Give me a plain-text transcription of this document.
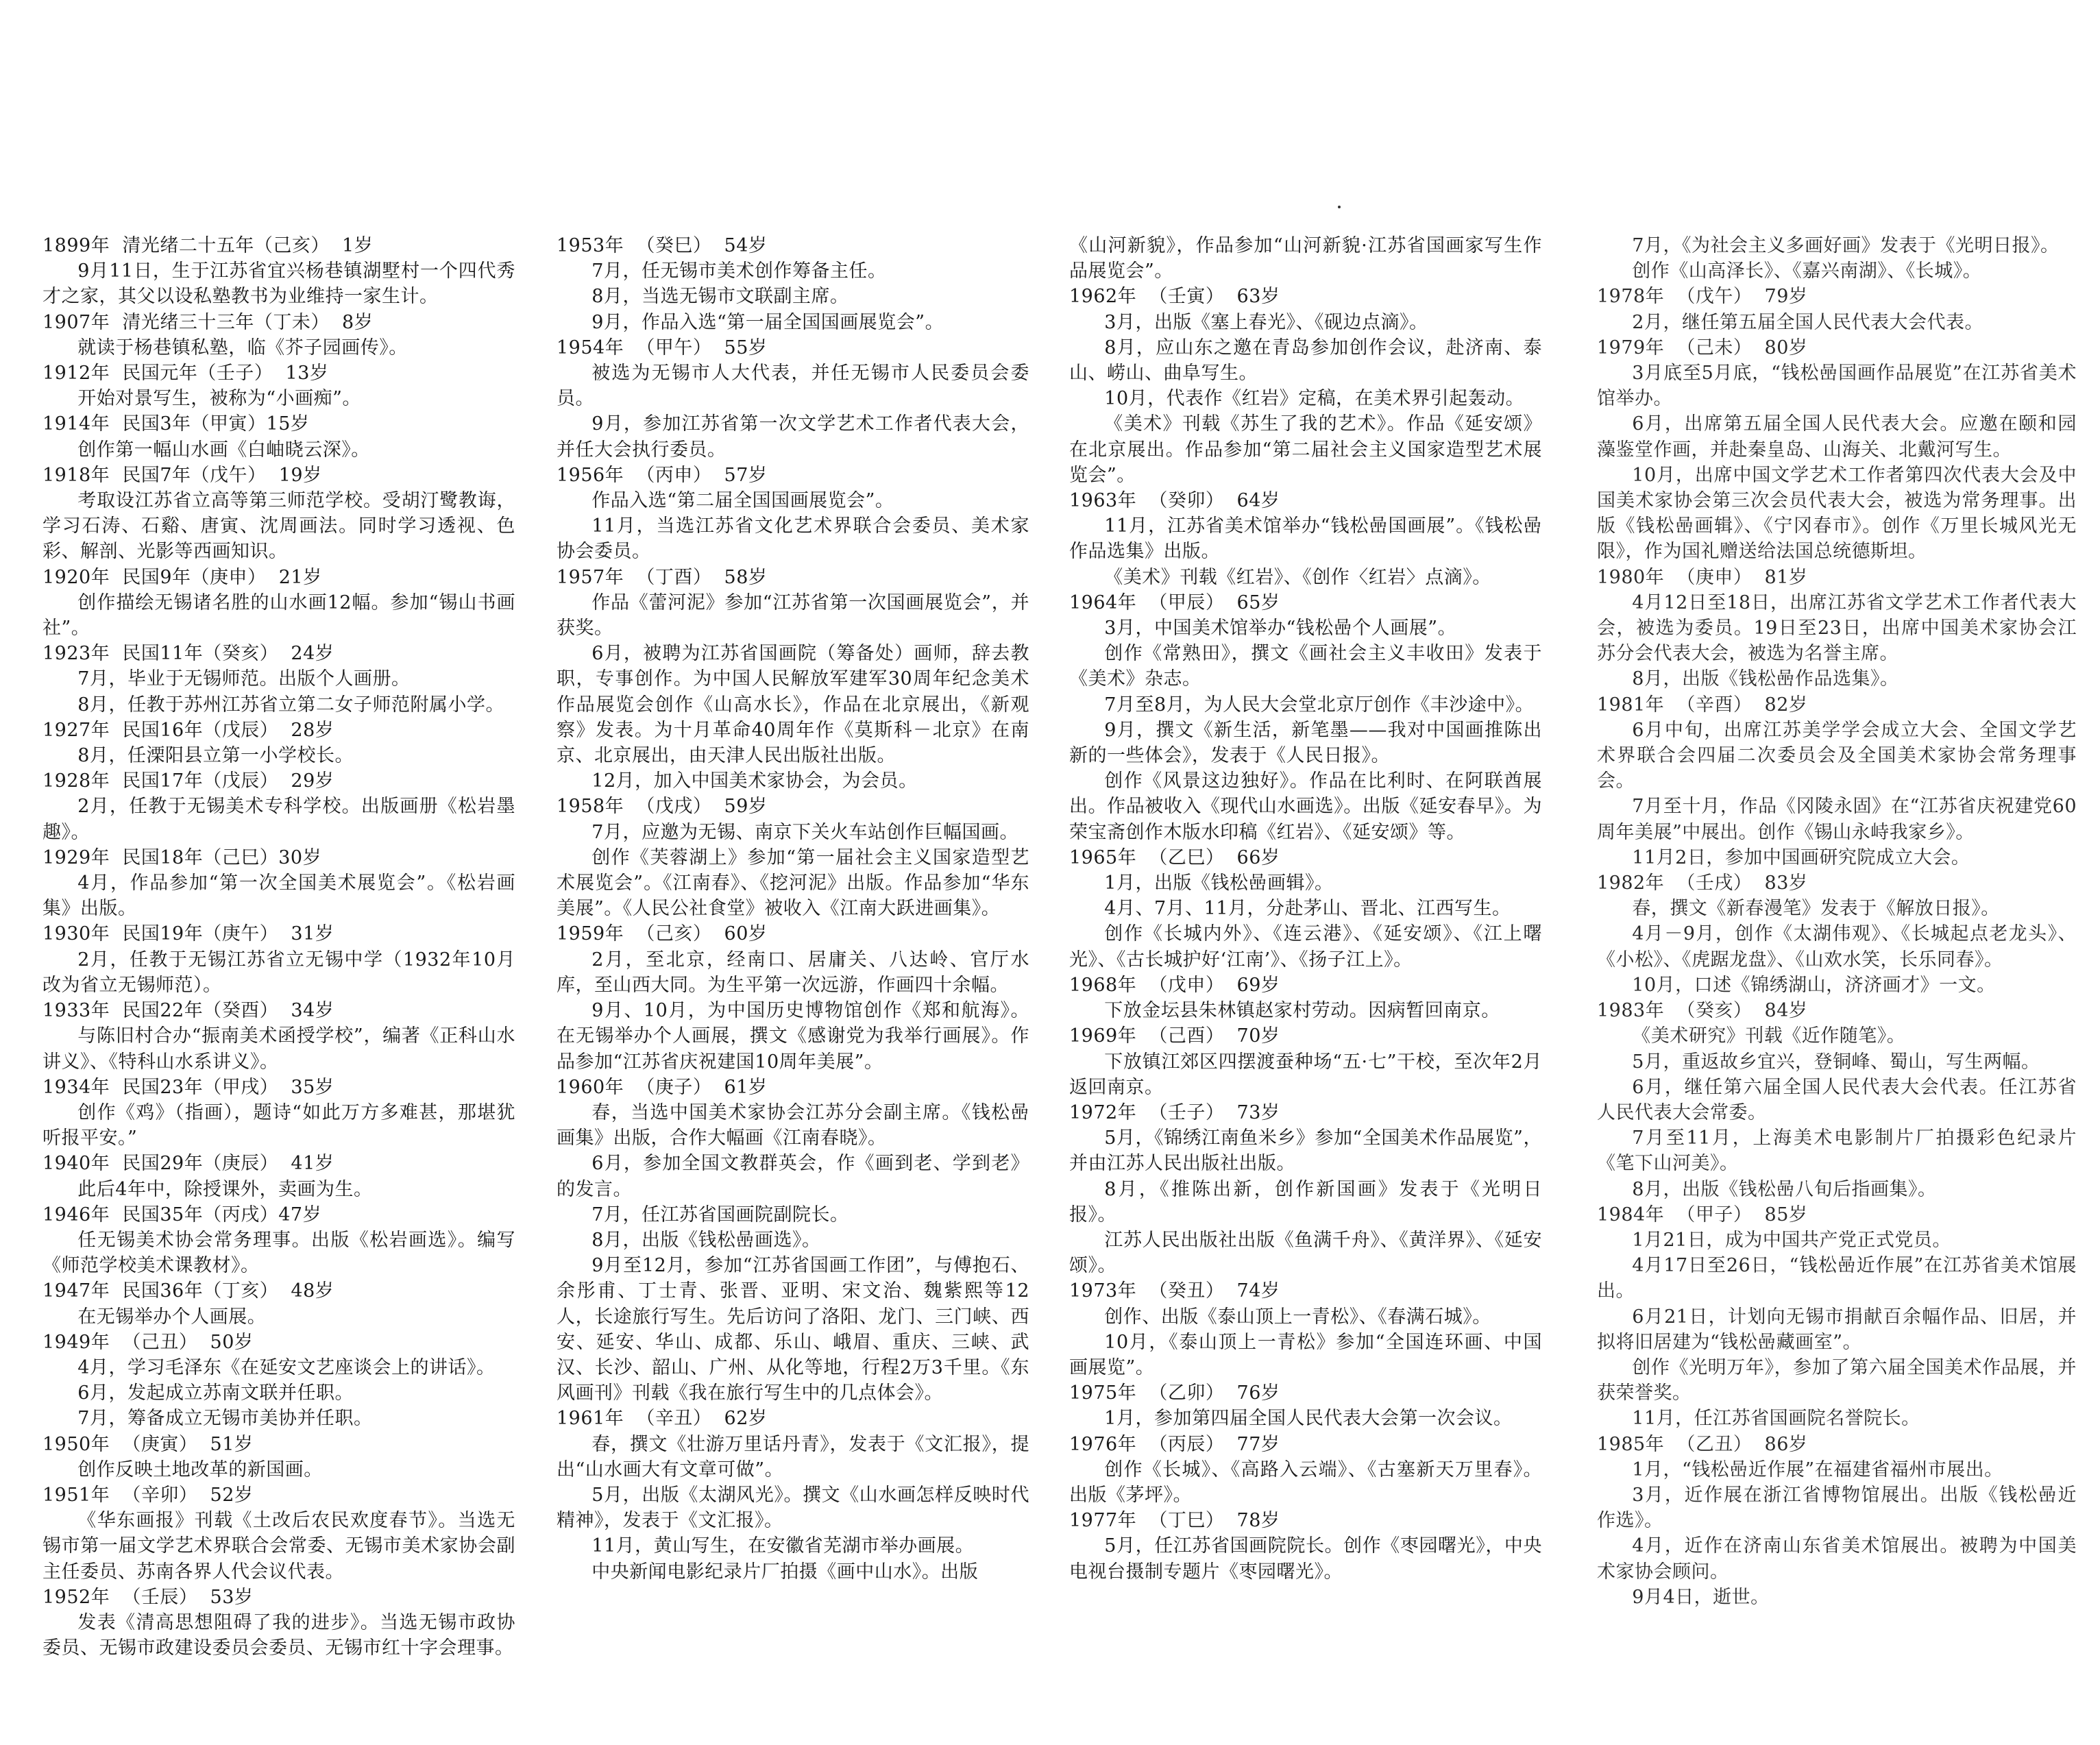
1899年  清光绪二十五年（己亥）  1岁

9月11日，生于江苏省宜兴杨巷镇湖墅村一个四代秀才之家，其父以设私塾教书为业维持一家生计。

1907年  清光绪三十三年（丁未）  8岁

就读于杨巷镇私塾，临《芥子园画传》。

1912年  民国元年（壬子）  13岁

开始对景写生，被称为“小画痴”。

1914年  民国3年（甲寅）15岁

创作第一幅山水画《白岫晓云深》。

1918年  民国7年（戊午）  19岁

考取设江苏省立高等第三师范学校。受胡汀鹭教诲，学习石涛、石谿、唐寅、沈周画法。同时学习透视、色彩、解剖、光影等西画知识。

1920年  民国9年（庚申）  21岁

创作描绘无锡诸名胜的山水画12幅。参加“锡山书画社”。

1923年  民国11年（癸亥）  24岁

7月，毕业于无锡师范。出版个人画册。

8月，任教于苏州江苏省立第二女子师范附属小学。

1927年  民国16年（戊辰）  28岁

8月，任溧阳县立第一小学校长。

1928年  民国17年（戊辰）  29岁

2月，任教于无锡美术专科学校。出版画册《松岩墨趣》。

1929年  民国18年（己巳）30岁

4月，作品参加“第一次全国美术展览会”。《松岩画集》出版。

1930年  民国19年（庚午）  31岁

2月，任教于无锡江苏省立无锡中学（1932年10月改为省立无锡师范）。

1933年  民国22年（癸酉）  34岁

与陈旧村合办“振南美术函授学校”，编著《正科山水讲义》、《特科山水系讲义》。

1934年  民国23年（甲戌）  35岁

创作《鸡》（指画），题诗“如此万方多难甚，那堪犹听报平安。”

1940年  民国29年（庚辰）  41岁

此后4年中，除授课外，卖画为生。

1946年  民国35年（丙戌）47岁

任无锡美术协会常务理事。出版《松岩画选》。编写《师范学校美术课教材》。

1947年  民国36年（丁亥）  48岁

在无锡举办个人画展。

1949年  （己丑）  50岁

4月，学习毛泽东《在延安文艺座谈会上的讲话》。

6月，发起成立苏南文联并任职。

7月，筹备成立无锡市美协并任职。

1950年  （庚寅）  51岁

创作反映土地改革的新国画。

1951年  （辛卯）  52岁

《华东画报》刊载《土改后农民欢度春节》。当选无锡市第一届文学艺术界联合会常委、无锡市美术家协会副主任委员、苏南各界人代会议代表。

1952年  （壬辰）  53岁

发表《清高思想阻碍了我的进步》。当选无锡市政协委员、无锡市政建设委员会委员、无锡市红十字会理事。

1953年  （癸巳）  54岁

7月，任无锡市美术创作筹备主任。

8月，当选无锡市文联副主席。

9月，作品入选“第一届全国国画展览会”。

1954年  （甲午）  55岁

被选为无锡市人大代表，并任无锡市人民委员会委员。

9月，参加江苏省第一次文学艺术工作者代表大会，并任大会执行委员。

1956年  （丙申）  57岁

作品入选“第二届全国国画展览会”。

11月，当选江苏省文化艺术界联合会委员、美术家协会委员。

1957年  （丁酉）  58岁

作品《蕾河泥》参加“江苏省第一次国画展览会”，并获奖。

6月，被聘为江苏省国画院（筹备处）画师，辞去教职，专事创作。为中国人民解放军建军30周年纪念美术作品展览会创作《山高水长》，作品在北京展出，《新观察》发表。为十月革命40周年作《莫斯科－北京》在南京、北京展出，由天津人民出版社出版。

12月，加入中国美术家协会，为会员。

1958年  （戊戌）  59岁

7月，应邀为无锡、南京下关火车站创作巨幅国画。

创作《芙蓉湖上》参加“第一届社会主义国家造型艺术展览会”。《江南春》、《挖河泥》出版。作品参加“华东美展”。《人民公社食堂》被收入《江南大跃进画集》。

1959年  （己亥）  60岁

2月，至北京，经南口、居庸关、八达岭、官厅水库，至山西大同。为生平第一次远游，作画四十余幅。

9月、10月，为中国历史博物馆创作《郑和航海》。在无锡举办个人画展，撰文《感谢党为我举行画展》。作品参加“江苏省庆祝建国10周年美展”。

1960年  （庚子）  61岁

春，当选中国美术家协会江苏分会副主席。《钱松喦画集》出版，合作大幅画《江南春晓》。

6月，参加全国文教群英会，作《画到老、学到老》的发言。

7月，任江苏省国画院副院长。

8月，出版《钱松喦画选》。

9月至12月，参加“江苏省国画工作团”，与傅抱石、余彤甫、丁士青、张晋、亚明、宋文治、魏紫熙等12人，长途旅行写生。先后访问了洛阳、龙门、三门峡、西安、延安、华山、成都、乐山、峨眉、重庆、三峡、武汉、长沙、韶山、广州、从化等地，行程2万3千里。《东风画刊》刊载《我在旅行写生中的几点体会》。

1961年  （辛丑）  62岁

春，撰文《壮游万里话丹青》，发表于《文汇报》，提出“山水画大有文章可做”。

5月，出版《太湖风光》。撰文《山水画怎样反映时代精神》，发表于《文汇报》。

11月，黄山写生，在安徽省芜湖市举办画展。

中央新闻电影纪录片厂拍摄《画中山水》。出版

《山河新貌》，作品参加“山河新貌·江苏省国画家写生作品展览会”。

1962年  （壬寅）  63岁

3月，出版《塞上春光》、《砚边点滴》。

8月，应山东之邀在青岛参加创作会议，赴济南、泰山、崂山、曲阜写生。

10月，代表作《红岩》定稿，在美术界引起轰动。

《美术》刊载《苏生了我的艺术》。作品《延安颂》在北京展出。作品参加“第二届社会主义国家造型艺术展览会”。

1963年  （癸卯）  64岁

11月，江苏省美术馆举办“钱松喦国画展”。《钱松喦作品选集》出版。

《美术》刊载《红岩》、《创作〈红岩〉点滴》。

1964年  （甲辰）  65岁

3月，中国美术馆举办“钱松喦个人画展”。

创作《常熟田》，撰文《画社会主义丰收田》发表于《美术》杂志。

7月至8月，为人民大会堂北京厅创作《丰沙途中》。

9月，撰文《新生活，新笔墨——我对中国画推陈出新的一些体会》，发表于《人民日报》。

创作《风景这边独好》。作品在比利时、在阿联酋展出。作品被收入《现代山水画选》。出版《延安春早》。为荣宝斋创作木版水印稿《红岩》、《延安颂》等。

1965年  （乙巳）  66岁

1月，出版《钱松喦画辑》。

4月、7月、11月，分赴茅山、晋北、江西写生。

创作《长城内外》、《连云港》、《延安颂》、《江上曙光》、《古长城护好‘江南’》、《扬子江上》。

1968年  （戊申）  69岁

下放金坛县朱林镇赵家村劳动。因病暂回南京。

1969年  （己酉）  70岁

下放镇江郊区四摆渡蚕种场“五·七”干校，至次年2月返回南京。

1972年  （壬子）  73岁

5月，《锦绣江南鱼米乡》参加“全国美术作品展览”，并由江苏人民出版社出版。

8月，《推陈出新，创作新国画》发表于《光明日报》。

江苏人民出版社出版《鱼满千舟》、《黄洋界》、《延安颂》。

1973年  （癸丑）  74岁

创作、出版《泰山顶上一青松》、《春满石城》。

10月，《泰山顶上一青松》参加“全国连环画、中国画展览”。

1975年  （乙卯）  76岁

1月，参加第四届全国人民代表大会第一次会议。

1976年  （丙辰）  77岁

创作《长城》、《高路入云端》、《古塞新天万里春》。出版《茅坪》。

1977年  （丁巳）  78岁

5月，任江苏省国画院院长。创作《枣园曙光》，中央电视台摄制专题片《枣园曙光》。

7月，《为社会主义多画好画》发表于《光明日报》。

创作《山高泽长》、《嘉兴南湖》、《长城》。

1978年  （戊午）  79岁

2月，继任第五届全国人民代表大会代表。

1979年  （己未）  80岁

3月底至5月底，“钱松喦国画作品展览”在江苏省美术馆举办。

6月，出席第五届全国人民代表大会。应邀在颐和园藻鉴堂作画，并赴秦皇岛、山海关、北戴河写生。

10月，出席中国文学艺术工作者第四次代表大会及中国美术家协会第三次会员代表大会，被选为常务理事。出版《钱松喦画辑》、《宁冈春市》。创作《万里长城风光无限》，作为国礼赠送给法国总统德斯坦。

1980年  （庚申）  81岁

4月12日至18日，出席江苏省文学艺术工作者代表大会，被选为委员。19日至23日，出席中国美术家协会江苏分会代表大会，被选为名誉主席。

8月，出版《钱松喦作品选集》。

1981年  （辛酉）  82岁

6月中旬，出席江苏美学学会成立大会、全国文学艺术界联合会四届二次委员会及全国美术家协会常务理事会。

7月至十月，作品《冈陵永固》在“江苏省庆祝建党60周年美展”中展出。创作《锡山永峙我家乡》。

11月2日，参加中国画研究院成立大会。

1982年  （壬戌）  83岁

春，撰文《新春漫笔》发表于《解放日报》。

4月－9月，创作《太湖伟观》、《长城起点老龙头》、《小松》、《虎踞龙盘》、《山欢水笑，长乐同春》。

10月，口述《锦绣湖山，济济画才》一文。

1983年  （癸亥）  84岁

《美术研究》刊载《近作随笔》。

5月，重返故乡宜兴，登铜峰、蜀山，写生两幅。

6月，继任第六届全国人民代表大会代表。任江苏省人民代表大会常委。

7月至11月，上海美术电影制片厂拍摄彩色纪录片《笔下山河美》。

8月，出版《钱松喦八旬后指画集》。

1984年  （甲子）  85岁

1月21日，成为中国共产党正式党员。

4月17日至26日，“钱松喦近作展”在江苏省美术馆展出。

6月21日，计划向无锡市捐献百余幅作品、旧居，并拟将旧居建为“钱松喦藏画室”。

创作《光明万年》，参加了第六届全国美术作品展，并获荣誉奖。

11月，任江苏省国画院名誉院长。

1985年  （乙丑）  86岁

1月，“钱松喦近作展”在福建省福州市展出。

3月，近作展在浙江省博物馆展出。出版《钱松喦近作选》。

4月，近作在济南山东省美术馆展出。被聘为中国美术家协会顾问。

9月4日，逝世。
